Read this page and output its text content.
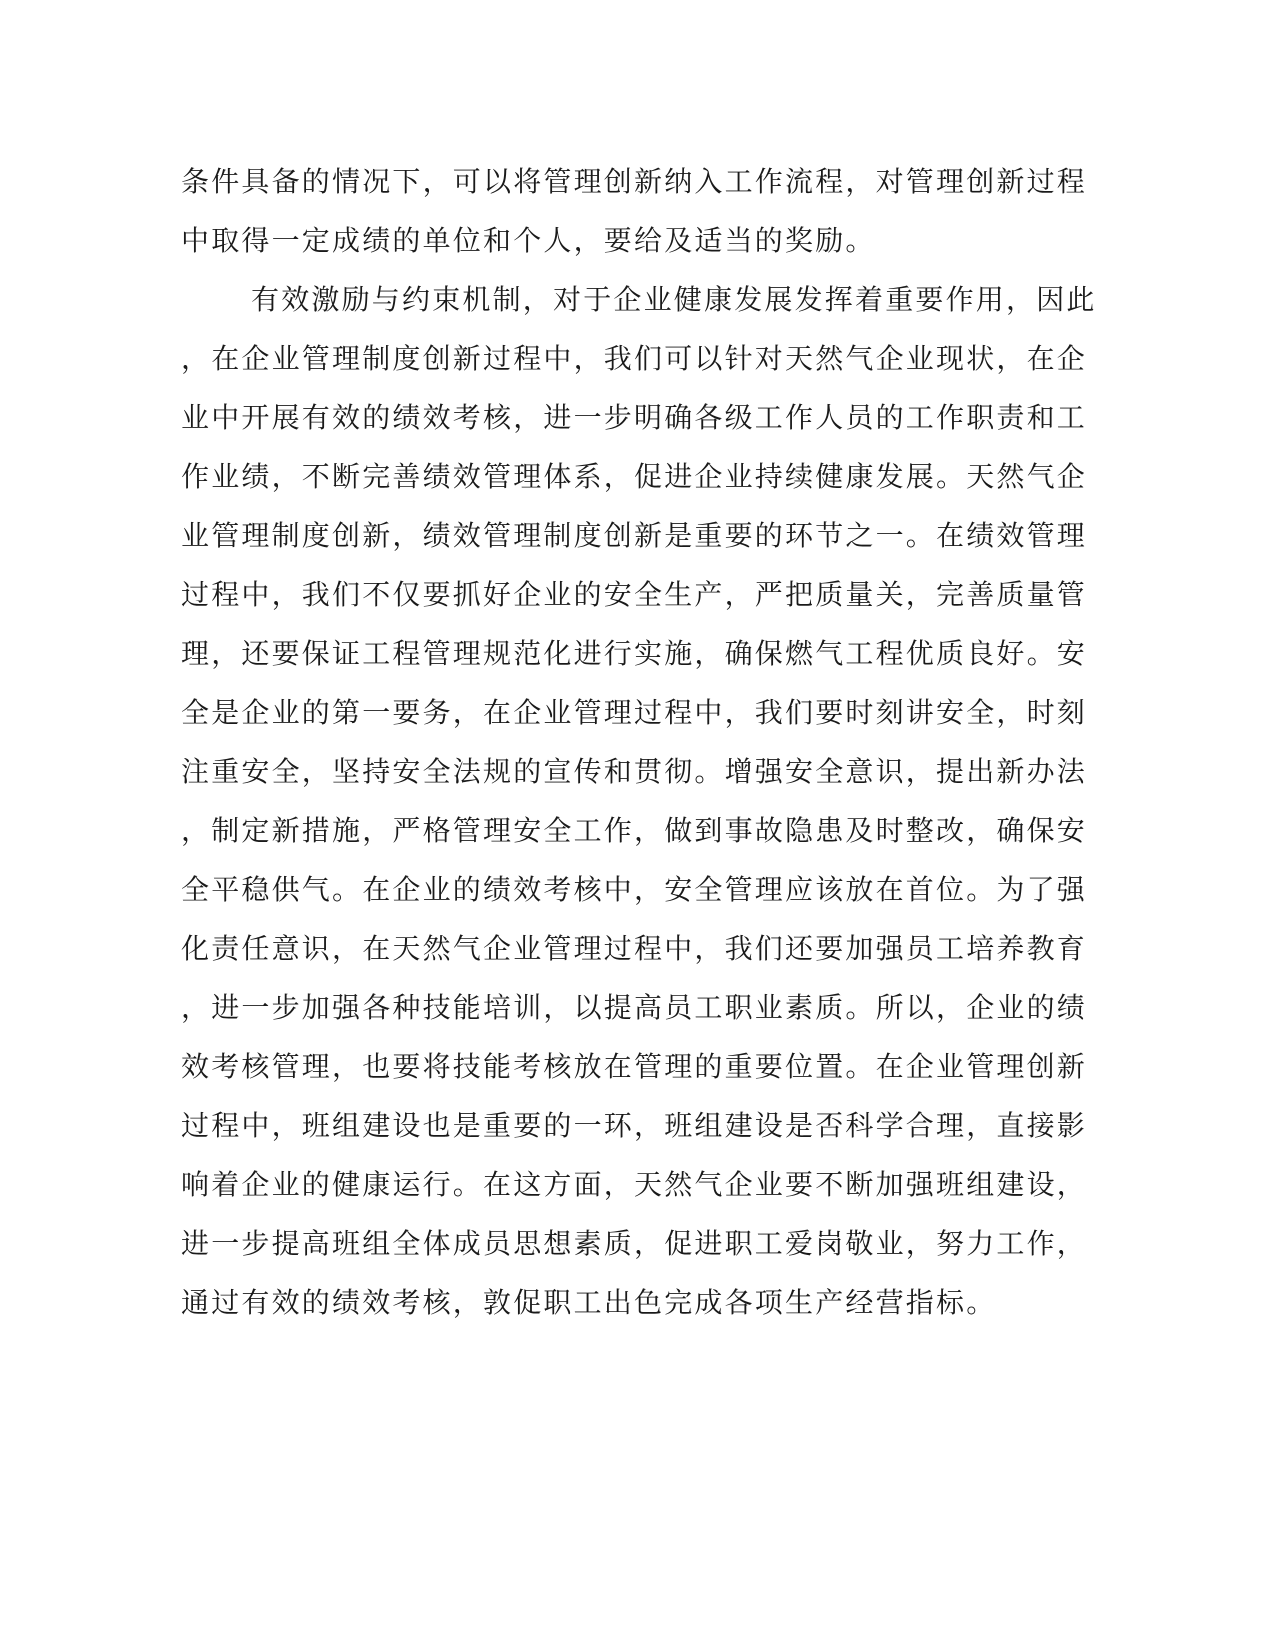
条件具备的情况下，可以将管理创新纳入工作流程，对管理创新过程
中取得一定成绩的单位和个人，要给及适当的奖励。
有效激励与约束机制，对于企业健康发展发挥着重要作用，因此
，在企业管理制度创新过程中，我们可以针对天然气企业现状，在企
业中开展有效的绩效考核，进一步明确各级工作人员的工作职责和工
作业绩，不断完善绩效管理体系，促进企业持续健康发展。天然气企
业管理制度创新，绩效管理制度创新是重要的环节之一。在绩效管理
过程中，我们不仅要抓好企业的安全生产，严把质量关，完善质量管
理，还要保证工程管理规范化进行实施，确保燃气工程优质良好。安
全是企业的第一要务，在企业管理过程中，我们要时刻讲安全，时刻
注重安全，坚持安全法规的宣传和贯彻。增强安全意识，提出新办法
，制定新措施，严格管理安全工作，做到事故隐患及时整改，确保安
全平稳供气。在企业的绩效考核中，安全管理应该放在首位。为了强
化责任意识，在天然气企业管理过程中，我们还要加强员工培养教育
，进一步加强各种技能培训，以提高员工职业素质。所以，企业的绩
效考核管理，也要将技能考核放在管理的重要位置。在企业管理创新
过程中，班组建设也是重要的一环，班组建设是否科学合理，直接影
响着企业的健康运行。在这方面，天然气企业要不断加强班组建设，
进一步提高班组全体成员思想素质，促进职工爱岗敬业，努力工作，
通过有效的绩效考核，敦促职工出色完成各项生产经营指标。
